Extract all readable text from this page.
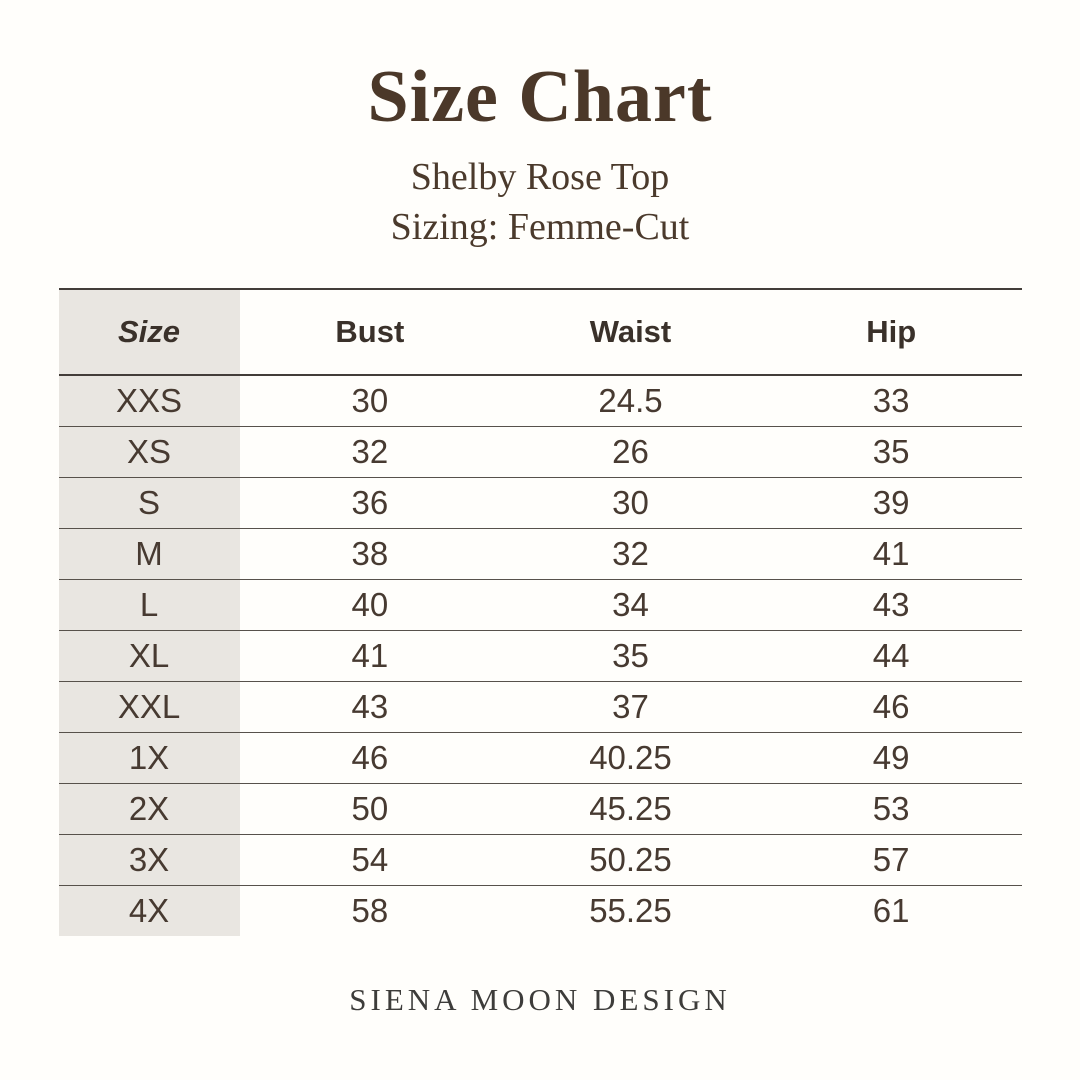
Size Chart
Shelby Rose Top
Sizing: Femme-Cut
Size	Bust	Waist	Hip
XXS	30	24.5	33
XS	32	26	35
S	36	30	39
M	38	32	41
L	40	34	43
XL	41	35	44
XXL	43	37	46
1X	46	40.25	49
2X	50	45.25	53
3X	54	50.25	57
4X	58	55.25	61
SIENA MOON DESIGN
